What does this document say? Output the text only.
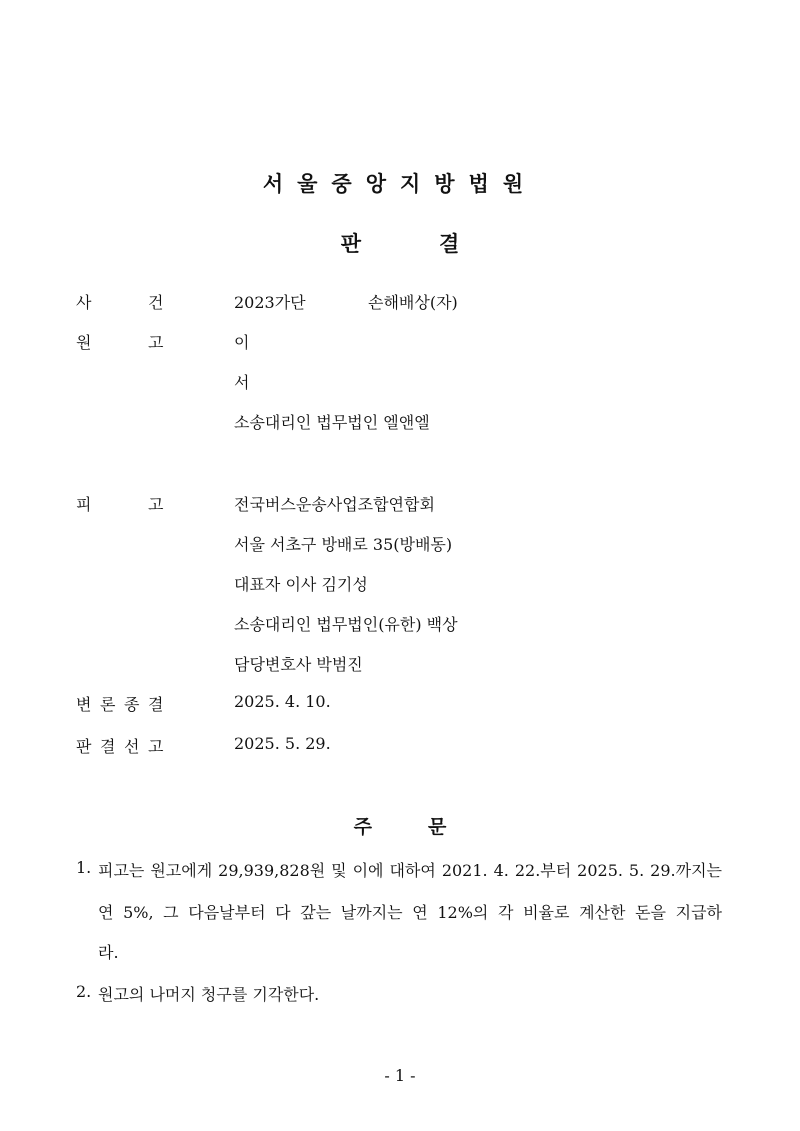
서울중앙지방법원
판	결
사	건	2023가단	손해배상(자)
원	고	이
서
소송대리인 법무법인 엘앤엘
피	고	전국버스운송사업조합연합회
서울 서초구 방배로 35(방배동)
대표자 이사 김기성
소송대리인 법무법인(유한) 백상
담당변호사 박범진
변 론 종 결	2025. 4. 10.
판 결 선 고	2025. 5. 29.
주	문
1. 피고는 원고에게 29,939,828원 및 이에 대하여 2021. 4. 22.부터 2025. 5. 29.까지는
연 5%, 그 다음날부터 다 갚는 날까지는 연 12%의 각 비율로 계산한 돈을 지급하
라.
2. 원고의 나머지 청구를 기각한다.
- 1 -
